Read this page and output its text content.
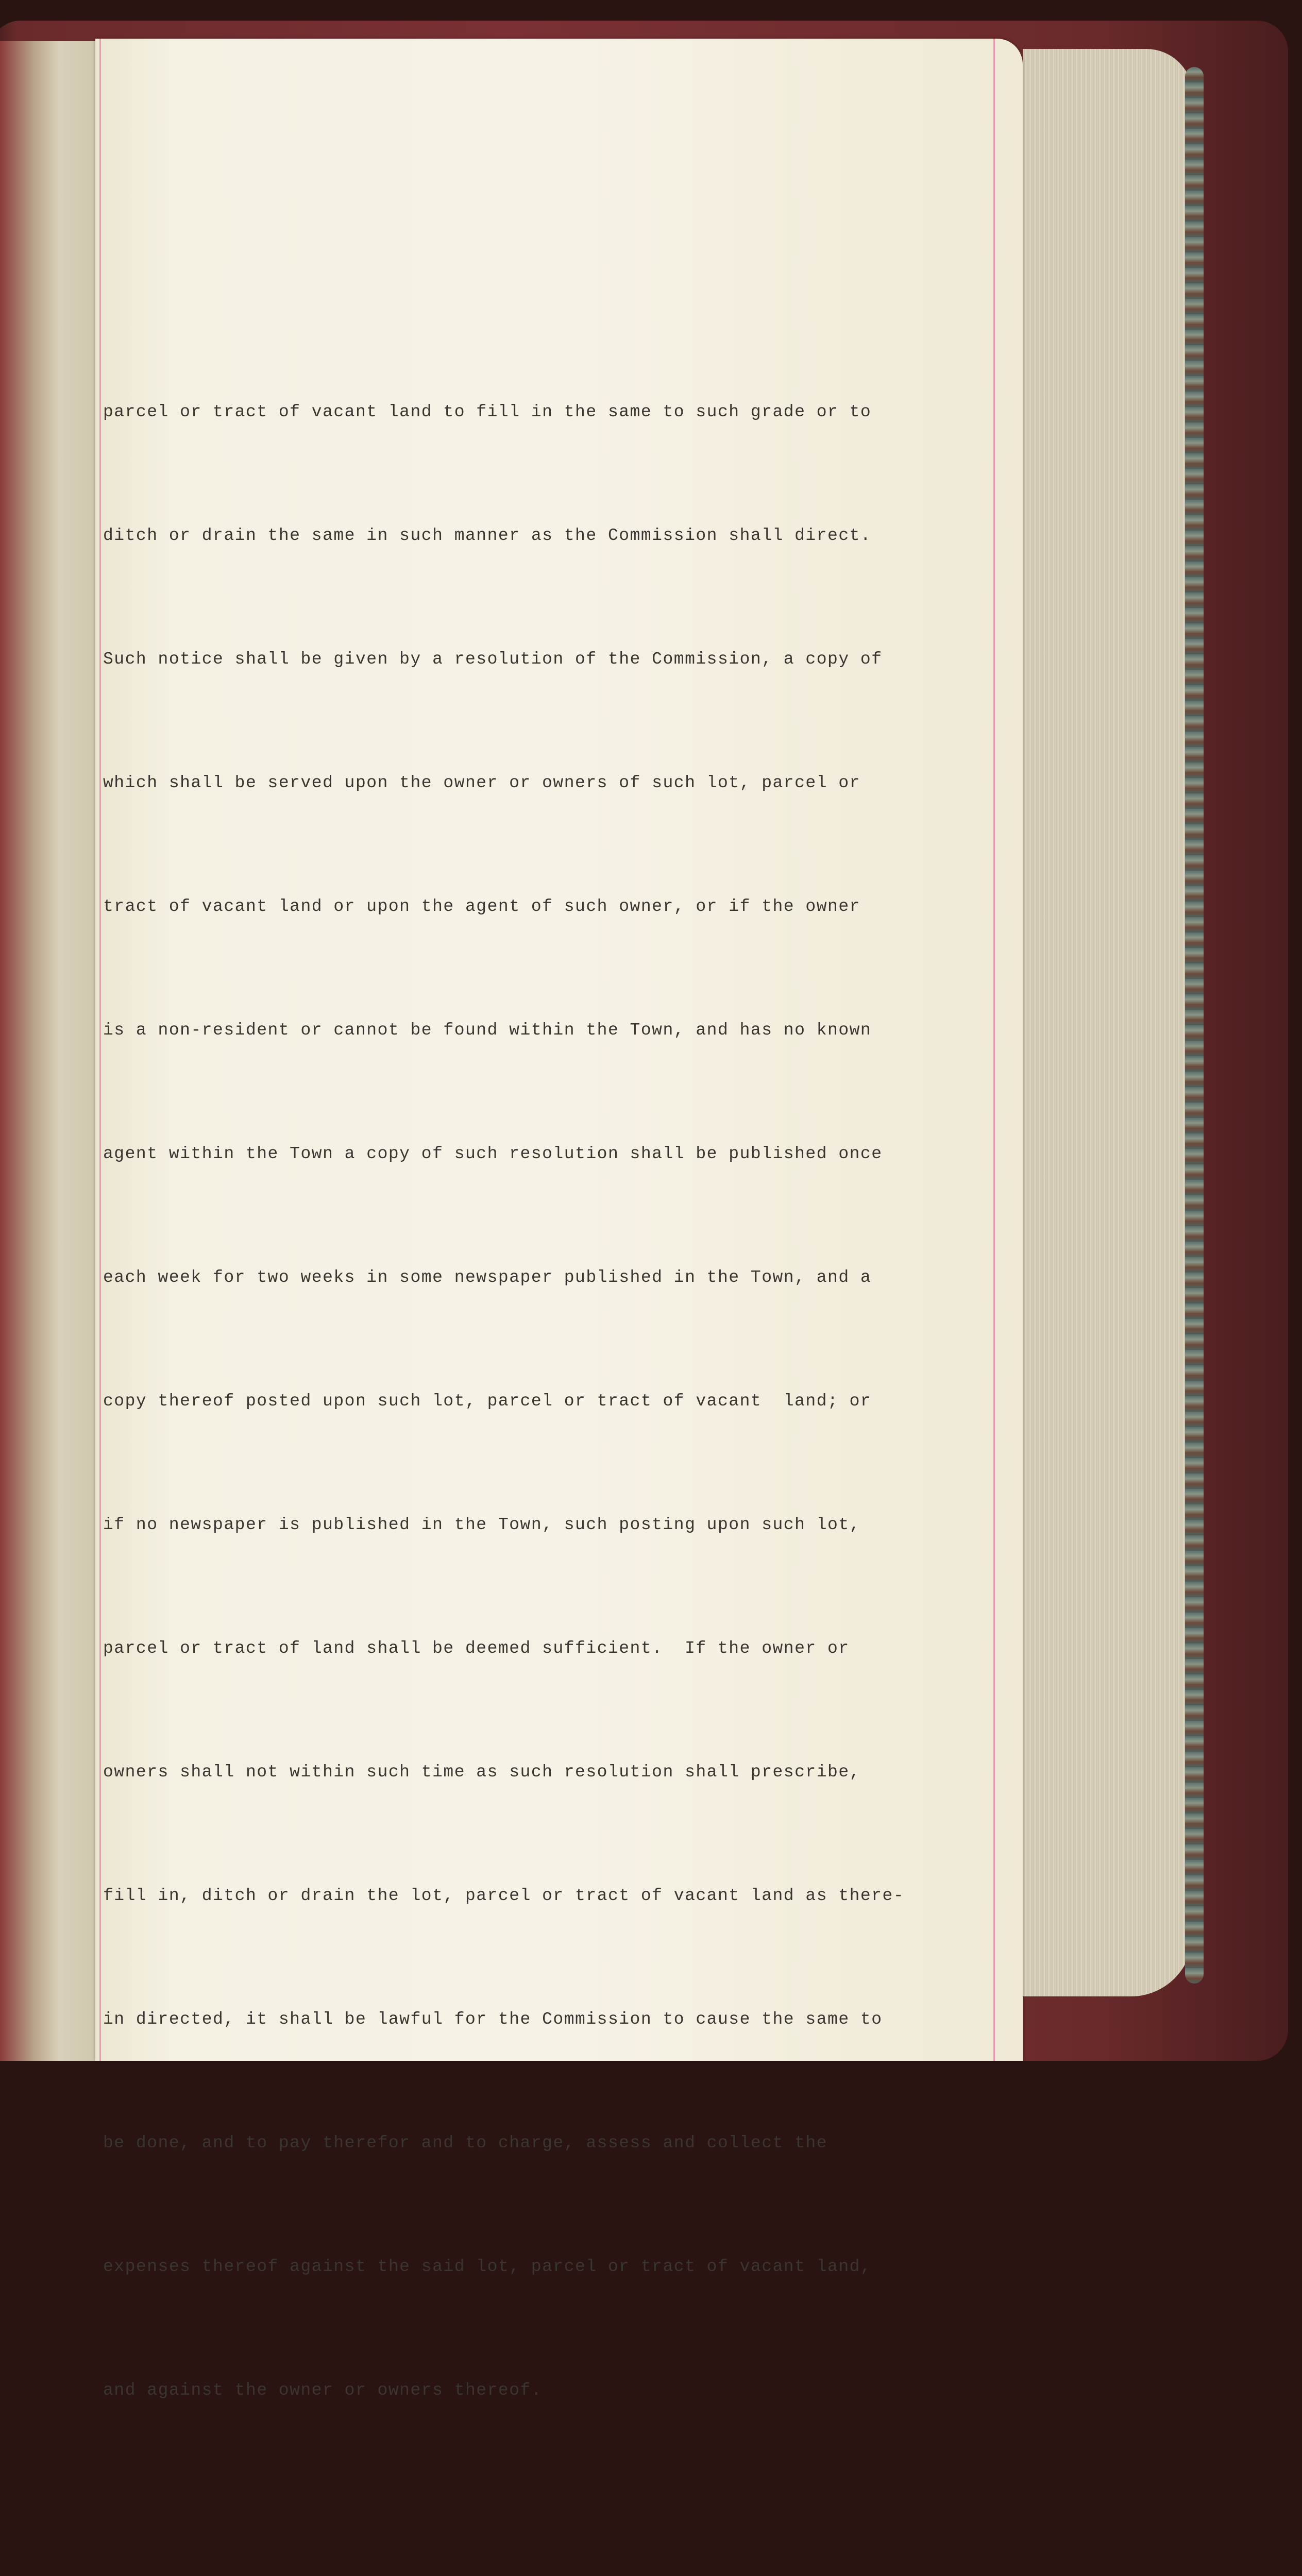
parcel or tract of vacant land to fill in the same to such grade or to

ditch or drain the same in such manner as the Commission shall direct.

Such notice shall be given by a resolution of the Commission, a copy of

which shall be served upon the owner or owners of such lot, parcel or

tract of vacant land or upon the agent of such owner, or if the owner

is a non-resident or cannot be found within the Town, and has no known

agent within the Town a copy of such resolution shall be published once

each week for two weeks in some newspaper published in the Town, and a

copy thereof posted upon such lot, parcel or tract of vacant  land; or

if no newspaper is published in the Town, such posting upon such lot,

parcel or tract of land shall be deemed sufficient.  If the owner or

owners shall not within such time as such resolution shall prescribe,

fill in, ditch or drain the lot, parcel or tract of vacant land as there-

in directed, it shall be lawful for the Commission to cause the same to

be done, and to pay therefor and to charge, assess and collect the

expenses thereof against the said lot, parcel or tract of vacant land,

and against the owner or owners thereof.
